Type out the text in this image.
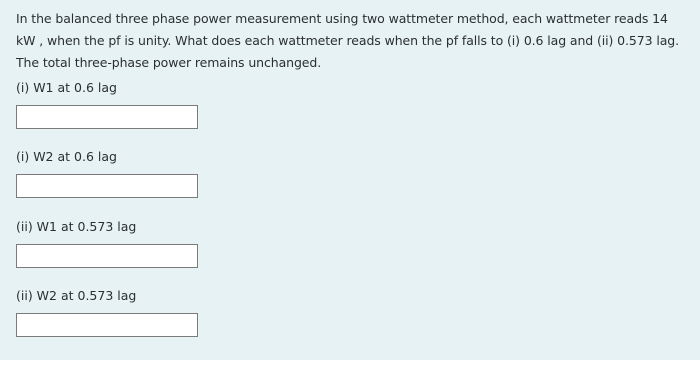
In the balanced three phase power measurement using two wattmeter method, each wattmeter reads 14 kW , when the pf is unity. What does each wattmeter reads when the pf falls to (i) 0.6 lag and (ii) 0.573 lag. The total three-phase power remains unchanged.

(i) W1 at 0.6 lag
(i) W2 at 0.6 lag
(ii) W1 at 0.573 lag
(ii) W2 at 0.573 lag
